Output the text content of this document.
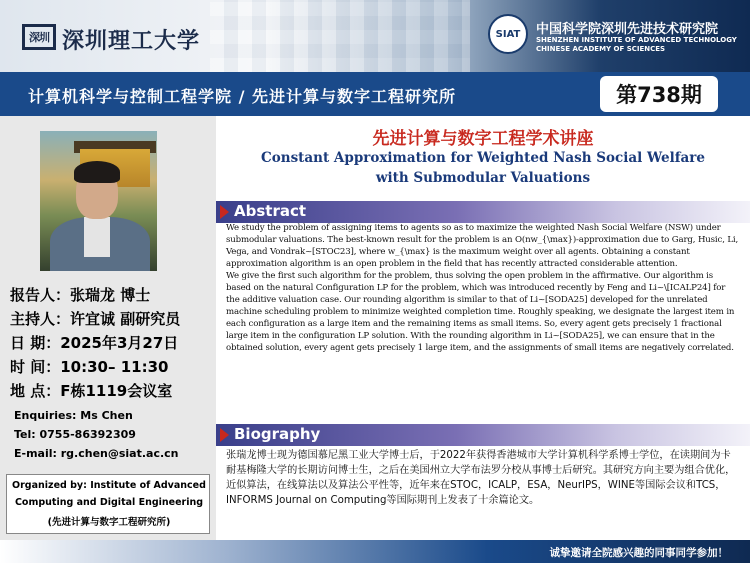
深圳 深圳理工大学	SIAT 中国科学院深圳先进技术研究院
SHENZHEN INSTITUTE OF ADVANCED TECHNOLOGY
CHINESE ACADEMY OF SCIENCES
计算机科学与控制工程学院 / 先进计算与数字工程研究所	第738期
报告人：张瑞龙 博士
主持人：许宜诚 副研究员
日 期：2025年3月27日
时 间：10:30– 11:30
地 点：F栋1119会议室
Enquiries: Ms Chen
Tel: 0755-86392309
E-mail: rg.chen@siat.ac.cn
Organized by: Institute of Advanced
Computing and Digital Engineering
(先进计算与数字工程研究所)
先进计算与数字工程学术讲座
Constant Approximation for Weighted Nash Social Welfare
with Submodular Valuations
Abstract

We study the problem of assigning items to agents so as to maximize the weighted Nash Social Welfare (NSW) under submodular valuations. The best-known result for the problem is an O(nw_{\max})-approximation due to Garg, Husic, Li, Vega, and Vondrak~[STOC23], where w_{\max} is the maximum weight over all agents. Obtaining a constant approximation algorithm is an open problem in the field that has recently attracted considerable attention.

We give the first such algorithm for the problem, thus solving the open problem in the affirmative. Our algorithm is based on the natural Configuration LP for the problem, which was introduced recently by Feng and Li~\[ICALP24] for the additive valuation case. Our rounding algorithm is similar to that of Li~[SODA25] developed for the unrelated machine scheduling problem to minimize weighted completion time. Roughly speaking, we designate the largest item in each configuration as a large item and the remaining items as small items. So, every agent gets precisely 1 fractional large item in the configuration LP solution. With the rounding algorithm in Li~[SODA25], we can ensure that in the obtained solution, every agent gets precisely 1 large item, and the assignments of small items are negatively correlated.

Biography
张瑞龙博士现为德国慕尼黑工业大学博士后，于2022年获得香港城市大学计算机科学系博士学位，在读期间为卡耐基梅隆大学的长期访问博士生，之后在美国州立大学布法罗分校从事博士后研究。其研究方向主要为组合优化，近似算法，在线算法以及算法公平性等，近年来在STOC，ICALP，ESA，NeurIPS，WINE等国际会议和TCS，INFORMS Journal on Computing等国际期刊上发表了十余篇论文。
诚挚邀请全院感兴趣的同事同学参加！
